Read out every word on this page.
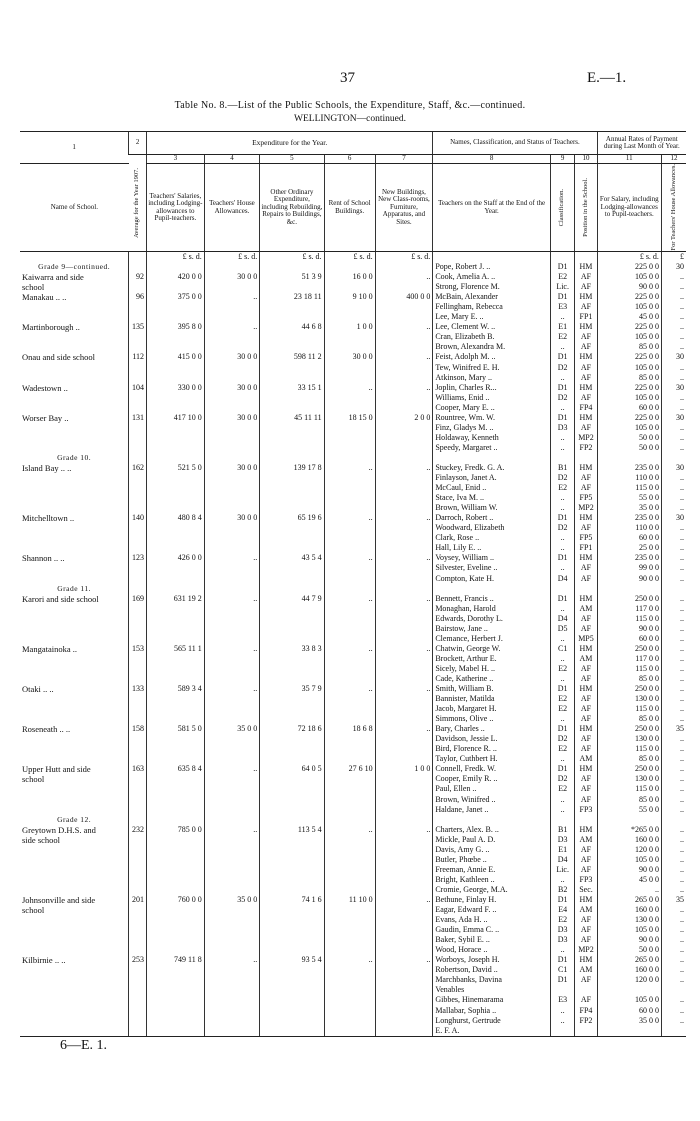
37	E.—1.
Table No. 8.—List of the Public Schools, the Expenditure, Staff, &c.—continued.
WELLINGTON—continued.
1	2	Expenditure for the Year.					Names, Classification, and Status of Teachers.			Annual Rates of Payment during Last Month of Year.	

	Average for the Year 1907.	3	4	5	6	7	8	9	10	11	12
Name of School.		Teachers' Salaries, including Lodging-allowances to Pupil-teachers.	Teachers' House Allowances.	Other Ordinary Expenditure, including Rebuilding, Repairs to Buildings, &c.	Rent of School Buildings.	New Buildings, New Class-rooms, Furniture, Apparatus, and Sites.	Teachers on the Staff at the End of the Year.	Classification.	Position in the School.	For Salary, including Lodging-allowances to Pupil-teachers.	For Teachers' House Allowances.

		£ s. d.	£ s. d.	£ s. d.	£ s. d.	£ s. d.				£ s. d.	£
Grade 9—continued.							Pope, Robert J. ..	D1	HM	225 0 0	30
Kaiwarra and side	92	420 0 0	30 0 0	51 3 9	16 0 0	..	Cook, Amelia A. ..	E2	AF	105 0 0	..
school							Strong, Florence M.	Lic.	AF	90 0 0	..
Manakau .. ..	96	375 0 0	..	23 18 11	9 10 0	400 0 0	McBain, Alexander	D1	HM	225 0 0	..
							Fellingham, Rebecca	E3	AF	105 0 0	..
							Lee, Mary E. ..	..	FP1	45 0 0	..
Martinborough ..	135	395 8 0	..	44 6 8	1 0 0	..	Lee, Clement W. ..	E1	HM	225 0 0	..
							Cran, Elizabeth B.	E2	AF	105 0 0	..
							Brown, Alexandra M.	..	AF	85 0 0	..
Onau and side school	112	415 0 0	30 0 0	598 11 2	30 0 0	..	Feist, Adolph M. ..	D1	HM	225 0 0	30
							Tew, Winifred E. H.	D2	AF	105 0 0	..
							Atkinson, Mary ..	..	AF	85 0 0	..
Wadestown ..	104	330 0 0	30 0 0	33 15 1	..	..	Joplin, Charles R...	D1	HM	225 0 0	30
							Williams, Enid ..	D2	AF	105 0 0	..
							Cooper, Mary E. ..	..	FP4	60 0 0	..
Worser Bay ..	131	417 10 0	30 0 0	45 11 11	18 15 0	2 0 0	Rountree, Wm. W.	D1	HM	225 0 0	30
							Finz, Gladys M. ..	D3	AF	105 0 0	..
							Holdaway, Kenneth	..	MP2	50 0 0	..
							Speedy, Margaret ..	..	FP2	50 0 0	..
Grade 10.											
Island Bay .. ..	162	521 5 0	30 0 0	139 17 8	..	..	Stuckey, Fredk. G. A.	B1	HM	235 0 0	30
							Finlayson, Janet A.	D2	AF	110 0 0	..
							McCaul, Enid ..	E2	AF	115 0 0	..
							Stace, Iva M. ..	..	FP5	55 0 0	..
							Brown, William W.	..	MP2	35 0 0	..
Mitchelltown ..	140	480 8 4	30 0 0	65 19 6	..	..	Darroch, Robert ..	D1	HM	235 0 0	30
							Woodward, Elizabeth	D2	AF	110 0 0	..
							Clark, Rose ..	..	FP5	60 0 0	..
							Hall, Lily E. ..	..	FP1	25 0 0	..
Shannon .. ..	123	426 0 0	..	43 5 4	..	..	Voysey, William ..	D1	HM	235 0 0	..
							Silvester, Eveline ..	..	AF	99 0 0	..
							Compton, Kate H.	D4	AF	90 0 0	..
Grade 11.											
Karori and side school	169	631 19 2	..	44 7 9	..	..	Bennett, Francis ..	D1	HM	250 0 0	..
							Monaghan, Harold	..	AM	117 0 0	..
							Edwards, Dorothy L.	D4	AF	115 0 0	..
							Bairstow, Jane ..	D5	AF	90 0 0	..
							Clemance, Herbert J.	..	MP5	60 0 0	..
Mangatainoka ..	153	565 11 1	..	33 8 3	..	..	Chatwin, George W.	C1	HM	250 0 0	..
							Brockett, Arthur E.	..	AM	117 0 0	..
							Sicely, Mabel H. ..	E2	AF	115 0 0	..
							Cade, Katherine ..	..	AF	85 0 0	..
Otaki .. ..	133	589 3 4	..	35 7 9	..	..	Smith, William B.	D1	HM	250 0 0	..
							Bannister, Matilda	E2	AF	130 0 0	..
							Jacob, Margaret H.	E2	AF	115 0 0	..
							Simmons, Olive ..	..	AF	85 0 0	..
Roseneath .. ..	158	581 5 0	35 0 0	72 18 6	18 6 8	..	Bary, Charles ..	D1	HM	250 0 0	35
							Davidson, Jessie L.	D2	AF	130 0 0	..
							Bird, Florence R. ..	E2	AF	115 0 0	..
							Taylor, Cuthbert H.	..	AM	85 0 0	..
Upper Hutt and side	163	635 8 4	..	64 0 5	27 6 10	1 0 0	Connell, Fredk. W.	D1	HM	250 0 0	..
school							Cooper, Emily R. ..	D2	AF	130 0 0	..
							Paul, Ellen ..	E2	AF	115 0 0	..
							Brown, Winifred ..	..	AF	85 0 0	..
							Haldane, Janet ..	..	FP3	55 0 0	..
Grade 12.											
Greytown D.H.S. and	232	785 0 0	..	113 5 4	..	..	Charters, Alex. B. ..	B1	HM	*265 0 0	..
side school							Mickle, Paul A. D.	D3	AM	160 0 0	..
							Davis, Amy G. ..	E1	AF	120 0 0	..
							Butler, Phœbe ..	D4	AF	105 0 0	..
							Freeman, Annie E.	Lic.	AF	90 0 0	..
							Bright, Kathleen ..	..	FP3	45 0 0	..
							Cromie, George, M.A.	B2	Sec.	..	..
Johnsonville and side	201	760 0 0	35 0 0	74 1 6	11 10 0	..	Bethune, Finlay H.	D1	HM	265 0 0	35
school							Eagar, Edward F. ..	E4	AM	160 0 0	..
							Evans, Ada H. ..	E2	AF	130 0 0	..
							Gaudin, Emma C. ..	D3	AF	105 0 0	..
							Baker, Sybil E. ..	D3	AF	90 0 0	..
							Wood, Horace ..	..	MP2	50 0 0	..
Kilbirnie .. ..	253	749 11 8	..	93 5 4	..	..	Worboys, Joseph H.	D1	HM	265 0 0	..
							Robertson, David ..	C1	AM	160 0 0	..
							Marchbanks, Davina	D1	AF	120 0 0	..
							Venables				
							Gibbes, Hinemarama	E3	AF	105 0 0	..
							Mallabar, Sophia ..	..	FP4	60 0 0	..
							Longhurst, Gertrude	..	FP2	35 0 0	..
							E. F. A.				
6—E. 1.
